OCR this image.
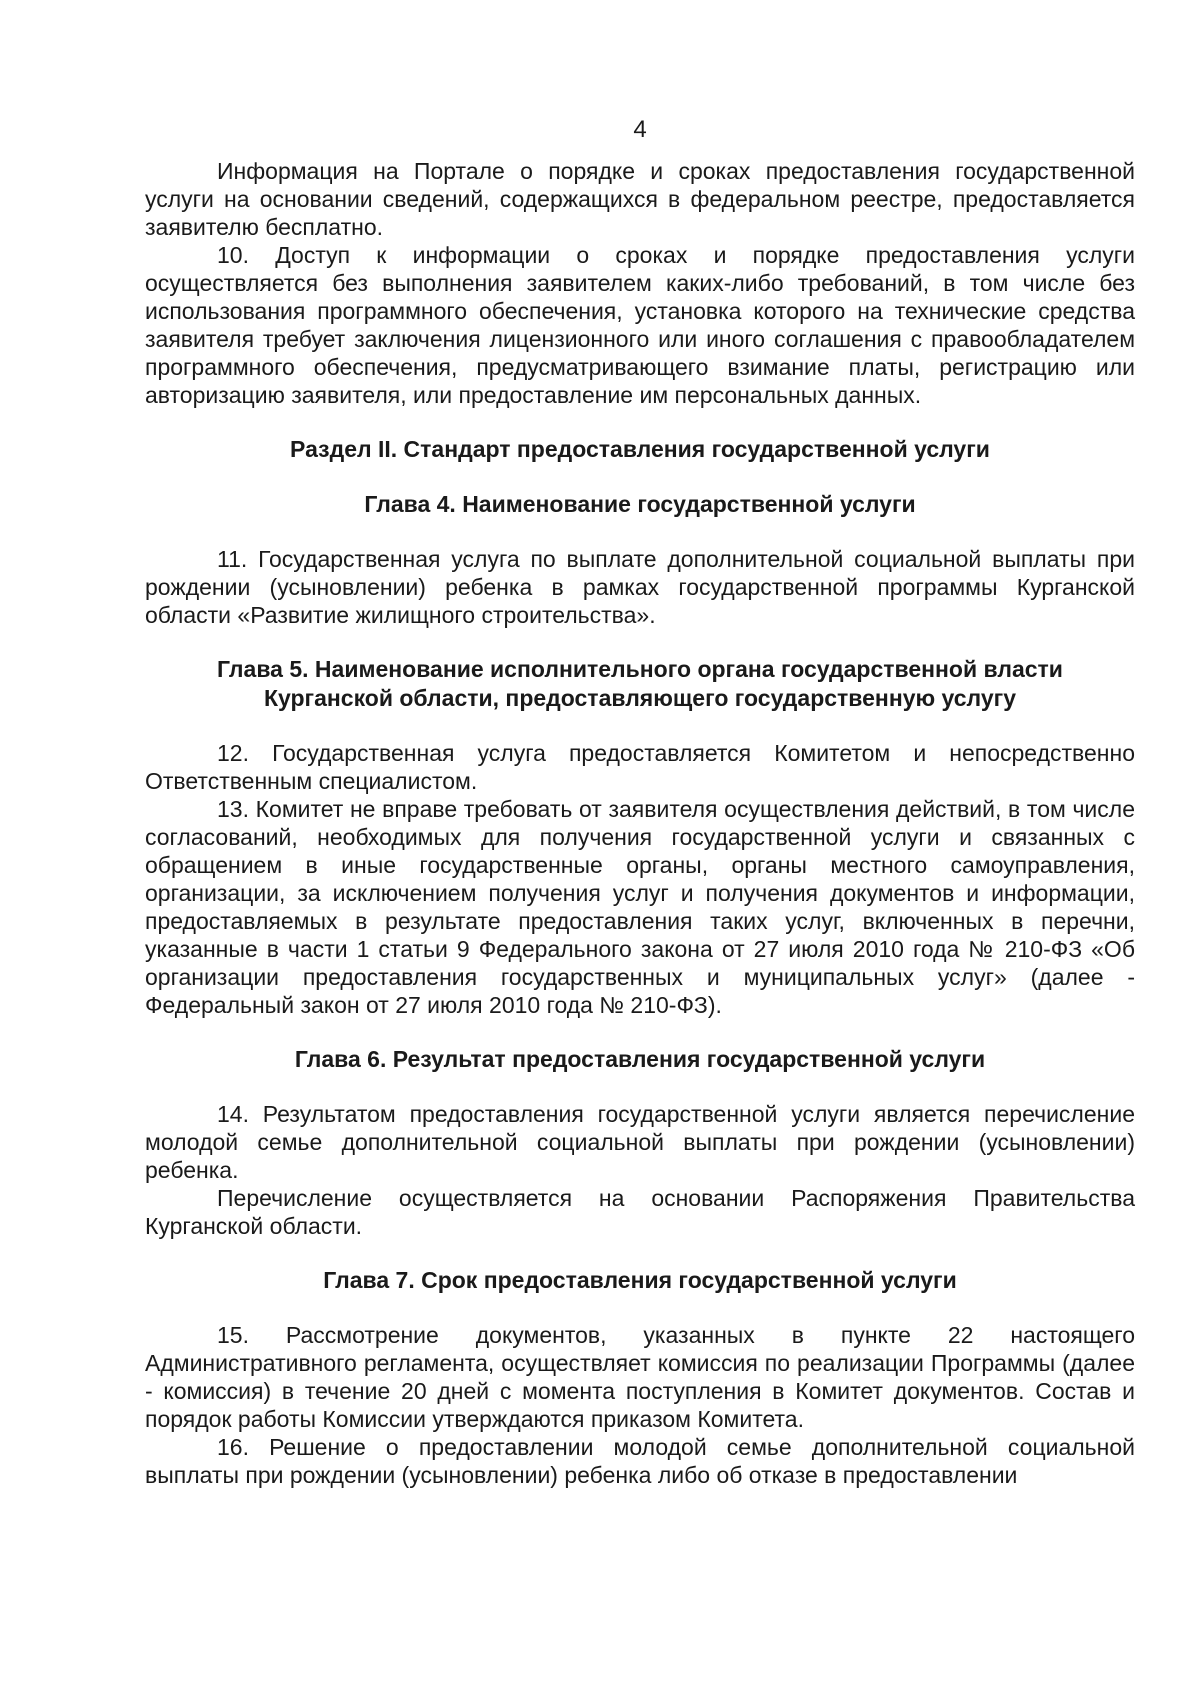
4

Информация на Портале о порядке и сроках предоставления государственной услуги на основании сведений, содержащихся в федеральном реестре, предоставляется заявителю бесплатно.

10. Доступ к информации о сроках и порядке предоставления услуги осуществляется без выполнения заявителем каких-либо требований, в том числе без использования программного обеспечения, установка которого на технические средства заявителя требует заключения лицензионного или иного соглашения с правообладателем программного обеспечения, предусматривающего взимание платы, регистрацию или авторизацию заявителя, или предоставление им персональных данных.

Раздел II. Стандарт предоставления государственной услуги
Глава 4. Наименование государственной услуги

11. Государственная услуга по выплате дополнительной социальной выплаты при рождении (усыновлении) ребенка в рамках государственной программы Курганской области «Развитие жилищного строительства».

Глава 5. Наименование исполнительного органа государственной власти
Курганской области, предоставляющего государственную услугу

12. Государственная услуга предоставляется Комитетом и непосредственно Ответственным специалистом.

13. Комитет не вправе требовать от заявителя осуществления действий, в том числе согласований, необходимых для получения государственной услуги и связанных с обращением в иные государственные органы, органы местного самоуправления, организации, за исключением получения услуг и получения документов и информации, предоставляемых в результате предоставления таких услуг, включенных в перечни, указанные в части 1 статьи 9 Федерального закона от 27 июля 2010 года № 210-ФЗ «Об организации предоставления государственных и муниципальных услуг» (далее - Федеральный закон от 27 июля 2010 года № 210-ФЗ).

Глава 6. Результат предоставления государственной услуги

14. Результатом предоставления государственной услуги является перечисление молодой семье дополнительной социальной выплаты при рождении (усыновлении) ребенка.

Перечисление осуществляется на основании Распоряжения Правительства Курганской области.

Глава 7. Срок предоставления государственной услуги

15. Рассмотрение документов, указанных в пункте 22 настоящего Административного регламента, осуществляет комиссия по реализации Программы (далее - комиссия) в течение 20 дней с момента поступления в Комитет документов. Состав и порядок работы Комиссии утверждаются приказом Комитета.

16. Решение о предоставлении молодой семье дополнительной социальной выплаты при рождении (усыновлении) ребенка либо об отказе в предоставлении
